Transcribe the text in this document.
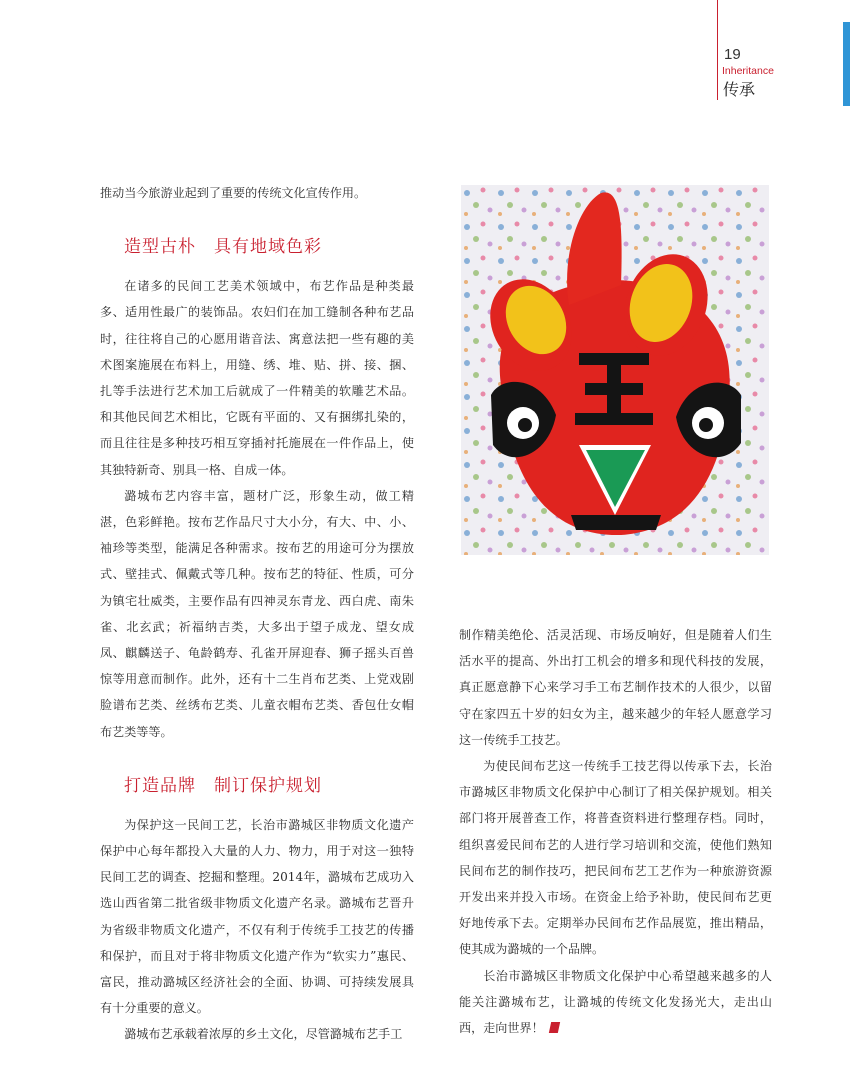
19
Inheritance
传承

推动当今旅游业起到了重要的传统文化宣传作用。

造型古朴　具有地域色彩

在诸多的民间工艺美术领域中，布艺作品是种类最多、适用性最广的装饰品。农妇们在加工缝制各种布艺品时，往往将自己的心愿用谐音法、寓意法把一些有趣的美术图案施展在布料上，用缝、绣、堆、贴、拼、接、捆、扎等手法进行艺术加工后就成了一件精美的软雕艺术品。和其他民间艺术相比，它既有平面的、又有捆绑扎染的，而且往往是多种技巧相互穿插衬托施展在一件作品上，使其独特新奇、别具一格、自成一体。

潞城布艺内容丰富，题材广泛，形象生动，做工精湛，色彩鲜艳。按布艺作品尺寸大小分，有大、中、小、袖珍等类型，能满足各种需求。按布艺的用途可分为摆放式、壁挂式、佩戴式等几种。按布艺的特征、性质，可分为镇宅壮威类，主要作品有四神灵东青龙、西白虎、南朱雀、北玄武；祈福纳吉类，大多出于望子成龙、望女成凤、麒麟送子、龟龄鹤寿、孔雀开屏迎春、狮子摇头百兽惊等用意而制作。此外，还有十二生肖布艺类、上党戏剧脸谱布艺类、丝绣布艺类、儿童衣帽布艺类、香包仕女帽布艺类等等。

打造品牌　制订保护规划

为保护这一民间工艺，长治市潞城区非物质文化遗产保护中心每年都投入大量的人力、物力，用于对这一独特民间工艺的调查、挖掘和整理。2014年，潞城布艺成功入选山西省第二批省级非物质文化遗产名录。潞城布艺晋升为省级非物质文化遗产，不仅有利于传统手工技艺的传播和保护，而且对于将非物质文化遗产作为“软实力”惠民、富民，推动潞城区经济社会的全面、协调、可持续发展具有十分重要的意义。

潞城布艺承载着浓厚的乡土文化，尽管潞城布艺手工

制作精美绝伦、活灵活现、市场反响好，但是随着人们生活水平的提高、外出打工机会的增多和现代科技的发展，真正愿意静下心来学习手工布艺制作技术的人很少，以留守在家四五十岁的妇女为主，越来越少的年轻人愿意学习这一传统手工技艺。

为使民间布艺这一传统手工技艺得以传承下去，长治市潞城区非物质文化保护中心制订了相关保护规划。相关部门将开展普查工作，将普查资料进行整理存档。同时，组织喜爱民间布艺的人进行学习培训和交流，使他们熟知民间布艺的制作技巧，把民间布艺工艺作为一种旅游资源开发出来并投入市场。在资金上给予补助，使民间布艺更好地传承下去。定期举办民间布艺作品展览，推出精品，使其成为潞城的一个品牌。

长治市潞城区非物质文化保护中心希望越来越多的人能关注潞城布艺，让潞城的传统文化发扬光大，走出山西，走向世界！
